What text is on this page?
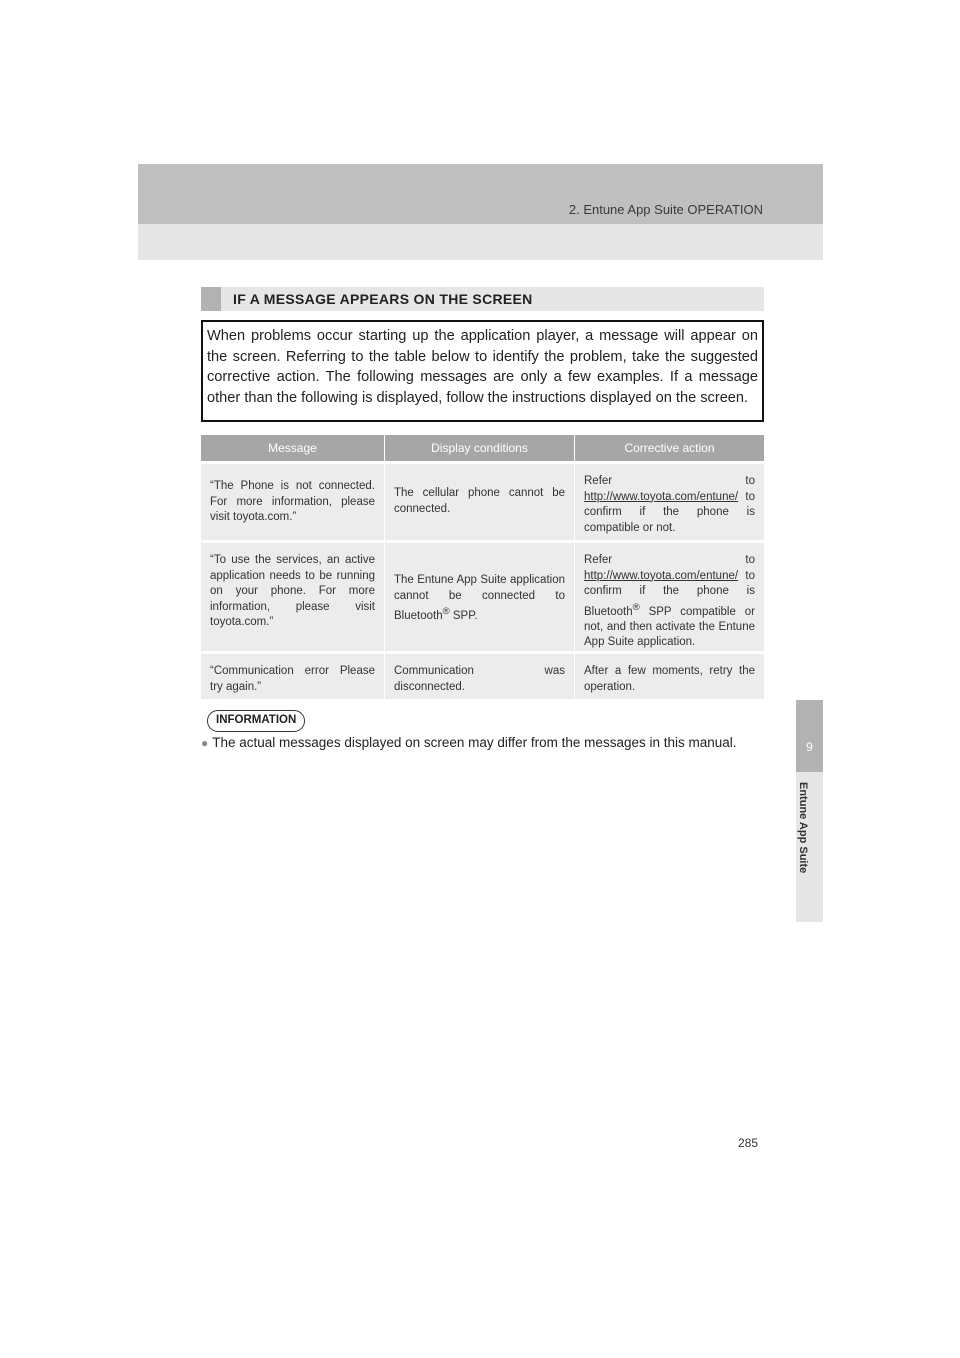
2. Entune App Suite OPERATION
9
Entune App Suite
IF A MESSAGE APPEARS ON THE SCREEN
When problems occur starting up the application player, a message will appear on the screen. Referring to the table below to identify the problem, take the suggested corrective action. The following messages are only a few examples. If a message other than the following is displayed, follow the instructions displayed on the screen.
Message	Display conditions	Corrective action
“The Phone is not connected. For more information, please visit toyota.com.”	The cellular phone cannot be connected.	Refer to http://www.toyota.com/entune/ to confirm if the phone is compatible or not.
“To use the services, an active application needs to be running on your phone. For more information, please visit toyota.com.”	The Entune App Suite application cannot be connected to Bluetooth® SPP.	Refer to http://www.toyota.com/entune/ to confirm if the phone is Bluetooth® SPP compatible or not, and then activate the Entune App Suite application.
“Communication error Please try again.”	Communication was disconnected.	After a few moments, retry the operation.
INFORMATION
● The actual messages displayed on screen may differ from the messages in this manual.
285
